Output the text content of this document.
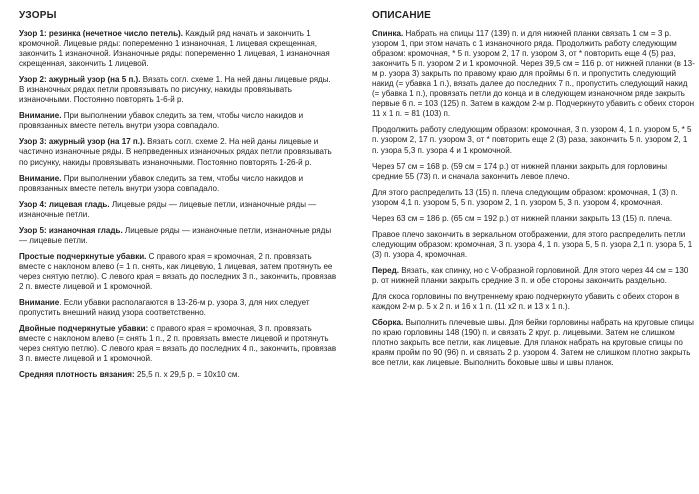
УЗОРЫ

Узор 1: резинка (нечетное число петель). Каждый ряд начать и закончить 1 кромочной. Лицевые ряды: попеременно 1 изнаночная, 1 лицевая скрещенная, закончить 1 изнаночной. Изнаночные ряды: попеременно 1 лицевая, 1 изнаночная скрещенная, закончить 1 лицевой.

Узор 2: ажурный узор (на 5 п.). Вязать согл. схеме 1. На ней даны лицевые ряды. В изнаночных рядах петли провязывать по рисунку, накиды провязывать изнаночными. Постоянно повторять 1-6-й р.

Внимание. При выполнении убавок следить за тем, чтобы число накидов и провязанных вместе петель внутри узора совпадало.

Узор 3: ажурный узор (на 17 п.). Вязать согл. схеме 2. На ней даны лицевые и частично изнаночные ряды. В непрведенных изнаночных рядах петли провязывать по рисунку, накиды провязывать изнаночными. Постоянно повторять 1-26-й р.

Внимание. При выполнении убавок следить за тем, чтобы число накидов и провязанных вместе петель внутри узора совпадало.

Узор 4: лицевая гладь. Лицевые ряды — лицевые петли, изнаночные ряды — изнаночные петли.

Узор 5: изнаночная гладь. Лицевые ряды — изнаночные петли, изнаночные ряды — лицевые петли.

Простые подчеркнутые убавки. С правого края = кромочная, 2 п. провязать вместе с наклоном влево (= 1 п. снять, как лицевую, 1 лицевая, затем протянуть ее через снятую петлю). С левого края = вязать до последних 3 п., закончить, провязав 2 п. вместе лицевой и 1 кромочной.

Внимание. Если убавки располагаются в 13-26-м р. узора 3, для них следует пропустить внешний накид узора соответственно.

Двойные подчеркнутые убавки: с правого края = кромочная, 3 п. провязать вместе с наклоном влево (= снять 1 п., 2 п. провязать вместе лицевой и протянуть через снятую петлю). С левого края = вязать до последних 4 п., закончить, провязав 3 п. вместе лицевой и 1 кромочной.

Средняя плотность вязания: 25,5 п. x 29,5 р. = 10x10 см.

ОПИСАНИЕ

Спинка. Набрать на спицы 117 (139) п. и для нижней планки связать 1 см = 3 р. узором 1, при этом начать с 1 изнаночного ряда. Продолжить работу следующим образом: кромочная, * 5 п. узором 2, 17 п. узором 3, от * повторить еще 4 (5) раз, закончить 5 п. узором 2 и 1 кромочной. Через 39,5 см = 116 р. от нижней планки (в 13-м р. узора 3) закрыть по правому краю для проймы 6 п. и пропустить следующий накид (= убавка 1 п.), вязать далее до последних 7 п., пропустить следующий накид (= убавка 1 п.), провязать петли до конца и в следующем изнаночном ряде закрыть первые 6 п. = 103 (125) п. Затем в каждом 2-м р. Подчеркнуто убавить с обеих сторон 11 x 1 п. = 81 (103) п.

Продолжить работу следующим образом: кромочная, 3 п. узором 4, 1 п. узором 5, * 5 п. узором 2, 17 п. узором 3, от * повторить еще 2 (3) раза, закончить 5 п. узором 2, 1 п. узора 5,3 п. узора 4 и 1 кромочной.

Через 57 см = 168 р. (59 см = 174 р.) от нижней планки закрыть для горловины средние 55 (73) п. и сначала закончить левое плечо.

Для этого распределить 13 (15) п. плеча следующим образом: кромочная, 1 (3) п. узором 4,1 п. узором 5, 5 п. узором 2, 1 п. узором 5, 3 п. узором 4, кромочная.

Через 63 см = 186 р. (65 см = 192 р.) от нижней планки закрыть 13 (15) п. плеча.

Правое плечо закончить в зеркальном отображении, для этого распределить петли следующим образом: кромочная, 3 п. узора 4, 1 п. узора 5, 5 п. узора 2,1 п. узора 5, 1 (3) п. узора 4, кромочная.

Перед. Вязать, как спинку, но с V-образной горловиной. Для этого через 44 см = 130 р. от нижней планки закрыть средние 3 п. и обе стороны закончить раздельно.

Для скоса горловины по внутреннему краю подчеркнуто убавить с обеих сторон в каждом 2-м р. 5 x 2 п. и 16 x 1 п. (11 x2 п. и 13 x 1 п.).

Сборка. Выполнить плечевые швы. Для бейки горловины набрать на круговые спицы по краю горловины 148 (190) п. и связать 2 круг. р. лицевыми. Затем не слишком плотно закрыть все петли, как лицевые. Для планок набрать на круговые спицы по краям пройм по 90 (96) п. и связать 2 р. узором 4. Затем не слишком плотно закрыть все петли, как лицевые. Выполнить боковые швы и швы планок.
